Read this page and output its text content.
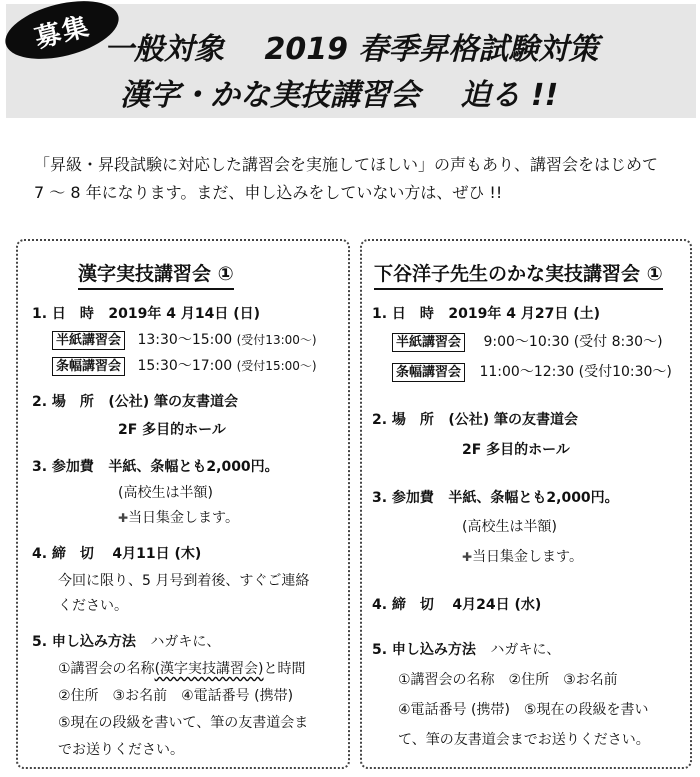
募集 一般対象　 2019 春季昇格試験対策
漢字・かな実技講習会　 迫る !!

「昇級・昇段試験に対応した講習会を実施してほしい」の声もあり、講習会をはじめて

7 ～ 8 年になります。まだ、申し込みをしていない方は、ぜひ !!

漢字実技講習会 ①
1. 日　時 2019年 4 月14日 (日)
半紙講習会 13:30～15:00 (受付13:00～)
条幅講習会 15:30～17:00 (受付15:00～)
2. 場　所 (公社) 筆の友書道会
2F 多目的ホール
3. 参加費 半紙、条幅とも2,000円。
(高校生は半額)
✚当日集金します。
4. 締　切 4月11日 (木)
今回に限り、5 月号到着後、すぐご連絡
ください。
5. 申し込み方法 ハガキに、
①講習会の名称(漢字実技講習会)と時間
②住所　③お名前　④電話番号 (携帯)
⑤現在の段級を書いて、筆の友書道会ま
でお送りください。
下谷洋子先生のかな実技講習会 ①
1. 日　時 2019年 4 月27日 (土)
半紙講習会 9:00～10:30 (受付 8:30～)
条幅講習会 11:00～12:30 (受付10:30～)
2. 場　所 (公社) 筆の友書道会
2F 多目的ホール
3. 参加費 半紙、条幅とも2,000円。
(高校生は半額)
✚当日集金します。
4. 締　切 4月24日 (水)
5. 申し込み方法 ハガキに、
①講習会の名称　②住所　③お名前
④電話番号 (携帯)　⑤現在の段級を書い
て、筆の友書道会までお送りください。
